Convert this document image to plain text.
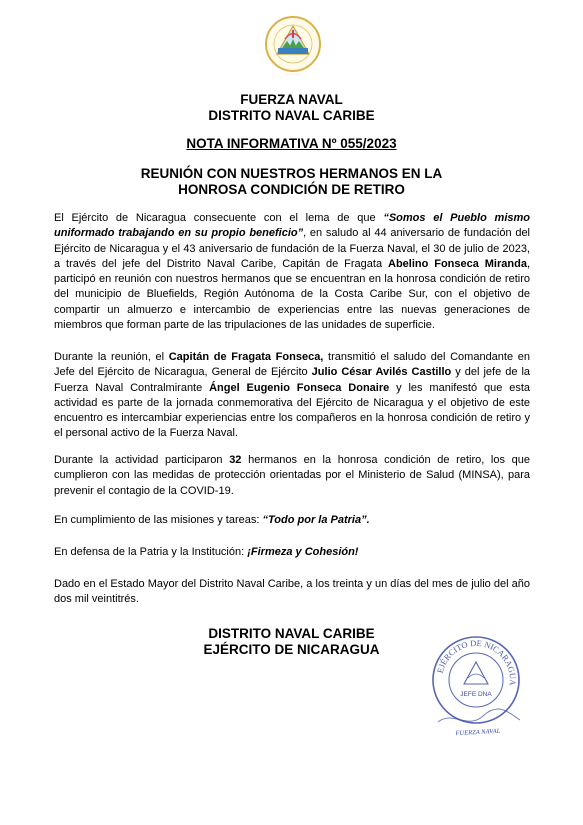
· · · · ·
FUERZA NAVAL
DISTRITO NAVAL CARIBE
NOTA INFORMATIVA Nº 055/2023
REUNIÓN CON NUESTROS HERMANOS EN LA
HONROSA CONDICIÓN DE RETIRO

El Ejército de Nicaragua consecuente con el lema de que “Somos el Pueblo mismo uniformado trabajando en su propio beneficio”, en saludo al 44 aniversario de fundación del Ejército de Nicaragua y el 43 aniversario de fundación de la Fuerza Naval, el 30 de julio de 2023, a través del jefe del Distrito Naval Caribe, Capitán de Fragata Abelino Fonseca Miranda, participó en reunión con nuestros hermanos que se encuentran en la honrosa condición de retiro del municipio de Bluefields, Región Autónoma de la Costa Caribe Sur, con el objetivo de compartir un almuerzo e intercambio de experiencias entre las nuevas generaciones de miembros que forman parte de las tripulaciones de las unidades de superficie.

Durante la reunión, el Capitán de Fragata Fonseca, transmitió el saludo del Comandante en Jefe del Ejército de Nicaragua, General de Ejército Julio César Avilés Castillo y del jefe de la Fuerza Naval Contralmirante Ángel Eugenio Fonseca Donaire y les manifestó que esta actividad es parte de la jornada conmemorativa del Ejército de Nicaragua y el objetivo de este encuentro es intercambiar experiencias entre los compañeros en la honrosa condición de retiro y el personal activo de la Fuerza Naval.

Durante la actividad participaron 32 hermanos en la honrosa condición de retiro, los que cumplieron con las medidas de protección orientadas por el Ministerio de Salud (MINSA), para prevenir el contagio de la COVID-19.

En cumplimiento de las misiones y tareas: “Todo por la Patria”.

En defensa de la Patria y la Institución: ¡Firmeza y Cohesión!

Dado en el Estado Mayor del Distrito Naval Caribe, a los treinta y un días del mes de julio del año dos mil veintitrés.

DISTRITO NAVAL CARIBE
EJÉRCITO DE NICARAGUA
EJÉRCITO DE NICARAGUA
JEFE DNA
FUERZA NAVAL
